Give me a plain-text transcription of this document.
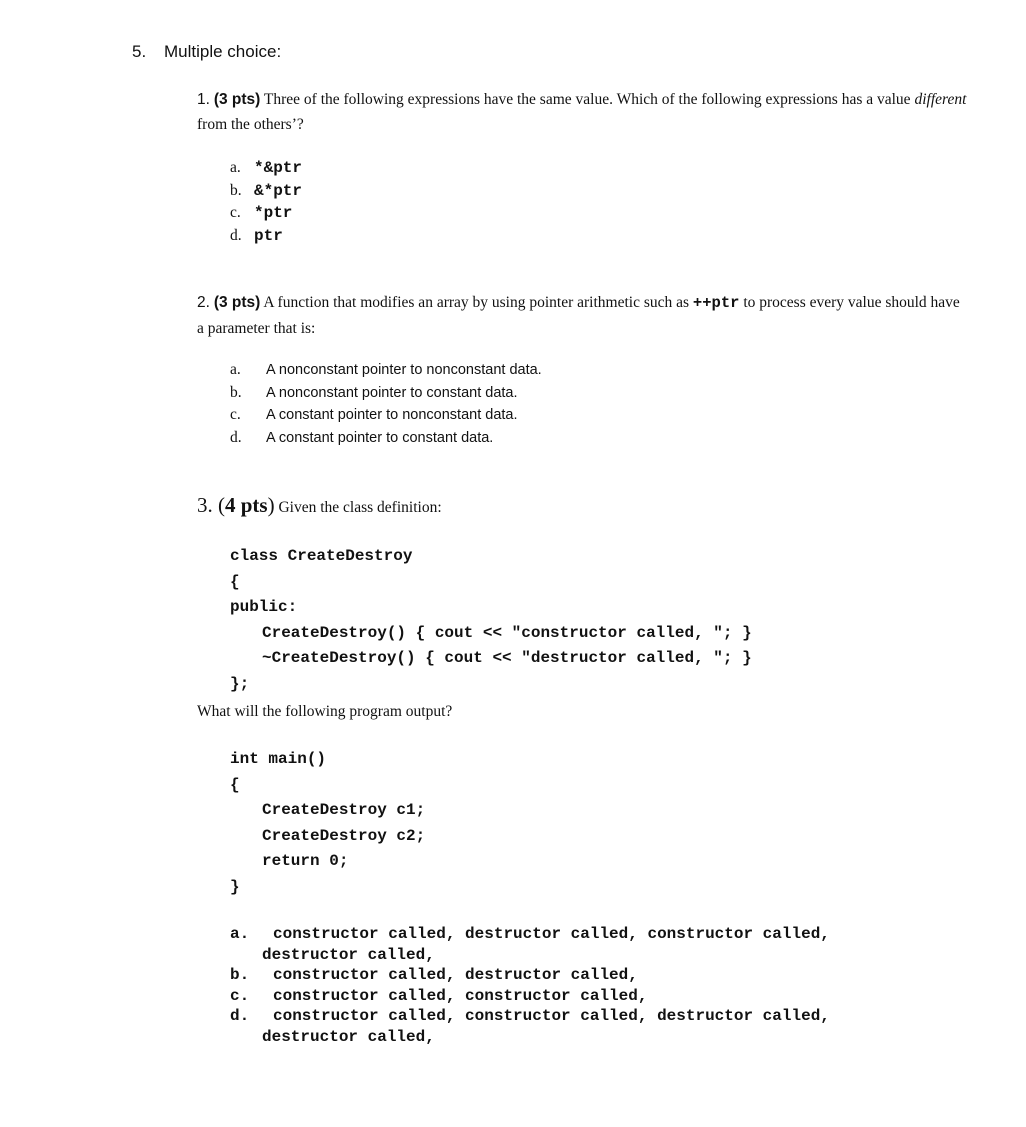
5. Multiple choice:
1. (3 pts) Three of the following expressions have the same value. Which of the following expressions has a value different from the others’?
a. *&ptr
b. &*ptr
c. *ptr
d. ptr
2. (3 pts) A function that modifies an array by using pointer arithmetic such as ++ptr to process every value should have a parameter that is:
a. A nonconstant pointer to nonconstant data.
b. A nonconstant pointer to constant data.
c. A constant pointer to nonconstant data.
d. A constant pointer to constant data.
3. (4 pts) Given the class definition:
class CreateDestroy
{
public:
CreateDestroy() { cout << "constructor called, "; }
~CreateDestroy() { cout << "destructor called, "; }
};
What will the following program output?
int main()
{
CreateDestroy c1;
CreateDestroy c2;
return 0;
}
a. constructor called, destructor called, constructor called,
destructor called,
b. constructor called, destructor called,
c. constructor called, constructor called,
d. constructor called, constructor called, destructor called,
destructor called,
